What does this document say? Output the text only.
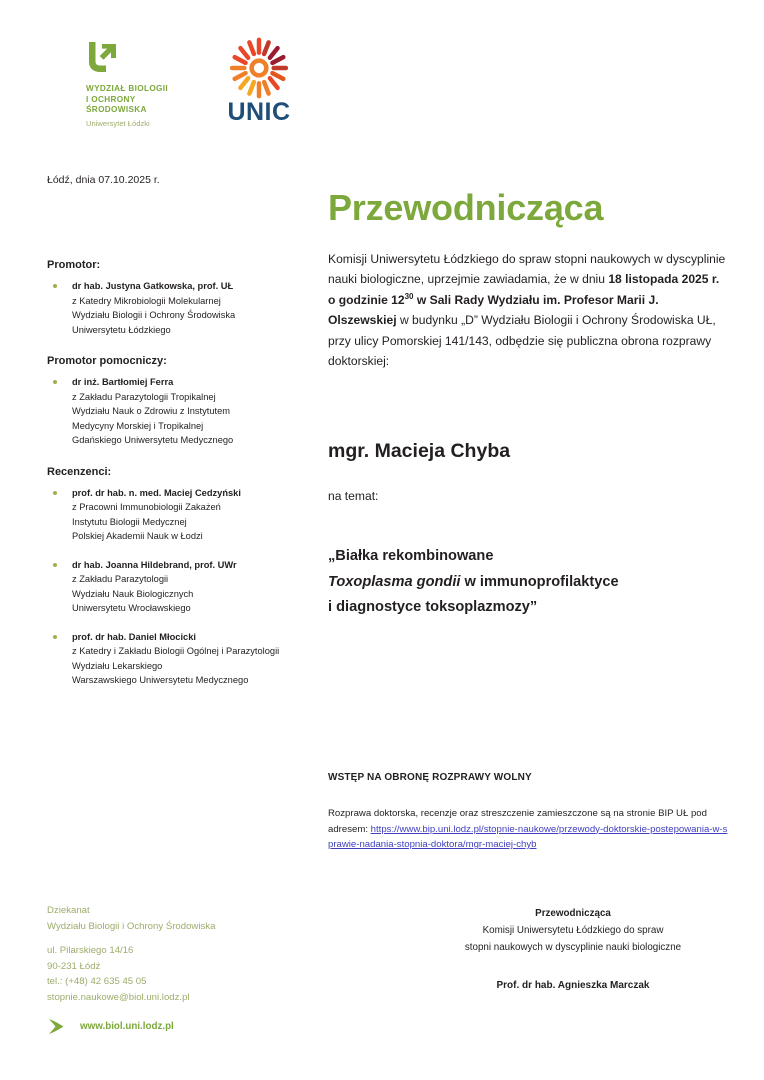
WYDZIAŁ BIOLOGII
I OCHRONY
ŚRODOWISKA
Uniwersytet Łódzki	UNIC
Łódź, dnia 07.10.2025 r.
Promotor:
dr hab. Justyna Gatkowska, prof. UŁ
z Katedry Mikrobiologii Molekularnej
Wydziału Biologii i Ochrony Środowiska
Uniwersytetu Łódzkiego
Promotor pomocniczy:
dr inż. Bartłomiej Ferra
z Zakładu Parazytologii Tropikalnej
Wydziału Nauk o Zdrowiu z Instytutem
Medycyny Morskiej i Tropikalnej
Gdańskiego Uniwersytetu Medycznego
Recenzenci:
prof. dr hab. n. med. Maciej Cedzyński
z Pracowni Immunobiologii Zakażeń
Instytutu Biologii Medycznej
Polskiej Akademii Nauk w Łodzi
dr hab. Joanna Hildebrand, prof. UWr
z Zakładu Parazytologii
Wydziału Nauk Biologicznych
Uniwersytetu Wrocławskiego
prof. dr hab. Daniel Młocicki
z Katedry i Zakładu Biologii Ogólnej i Parazytologii
Wydziału Lekarskiego
Warszawskiego Uniwersytetu Medycznego
Przewodnicząca

Komisji Uniwersytetu Łódzkiego do spraw stopni naukowych w dyscyplinie nauki biologiczne, uprzejmie zawiadamia, że w dniu 18 listopada 2025 r. o godzinie $12^{30}$ w Sali Rady Wydziału im. Profesor Marii J. Olszewskiej w budynku „D” Wydziału Biologii i Ochrony Środowiska UŁ, przy ulicy Pomorskiej 141/143, odbędzie się publiczna obrona rozprawy doktorskiej:

mgr. Macieja Chyba
na temat:
„Białka rekombinowane
Toxoplasma gondii w immunoprofilaktyce
i diagnostyce toksoplazmozy”
WSTĘP NA OBRONĘ ROZPRAWY WOLNY
Rozprawa doktorska, recenzje oraz streszczenie zamieszczone są na stronie BIP UŁ pod adresem: https://www.bip.uni.lodz.pl/stopnie-naukowe/przewody-doktorskie-postepowania-w-sprawie-nadania-stopnia-doktora/mgr-maciej-chyb
Dziekanat
Wydziału Biologii i Ochrony Środowiska
ul. Pilarskiego 14/16
90-231 Łódź
tel.: (+48) 42 635 45 05
stopnie.naukowe@biol.uni.lodz.pl
www.biol.uni.lodz.pl
Przewodnicząca
Komisji Uniwersytetu Łódzkiego do spraw
stopni naukowych w dyscyplinie nauki biologiczne
Prof. dr hab. Agnieszka Marczak
